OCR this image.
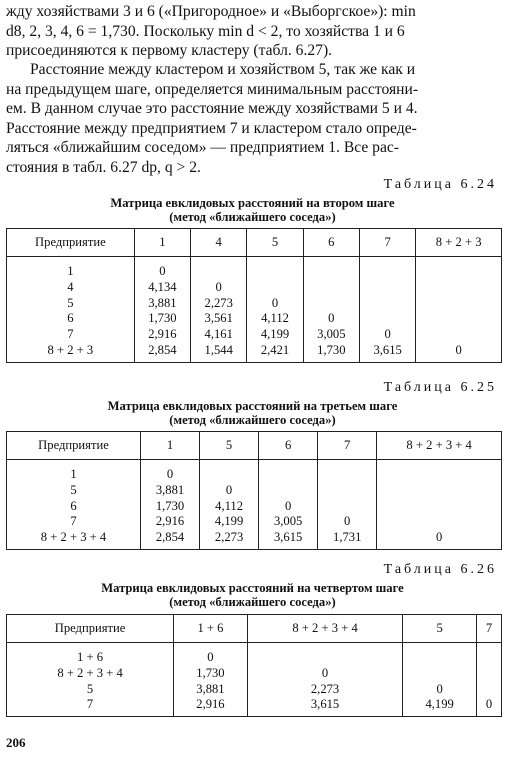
жду хозяйствами 3 и 6 («Пригородное» и «Выборгское»): min

d8, 2, 3, 4, 6 = 1,730. Поскольку min d < 2, то хозяйства 1 и 6

присоединяются к первому кластеру (табл. 6.27).

Расстояние между кластером и хозяйством 5, так же как и

на предыдущем шаге, определяется минимальным расстояни-

ем. В данном случае это расстояние между хозяйствами 5 и 4.

Расстояние между предприятием 7 и кластером стало опреде-

ляться «ближайшим соседом» — предприятием 1. Все рас-

стояния в табл. 6.27 dp, q > 2.

Таблица 6.24
Матрица евклидовых расстояний на втором шаге
(метод «ближайшего соседа»)
Предприятие	1	4	5	6	7	8 + 2 + 3
1	0					
4	4,134	0				
5	3,881	2,273	0			
6	1,730	3,561	4,112	0		
7	2,916	4,161	4,199	3,005	0	
8 + 2 + 3	2,854	1,544	2,421	1,730	3,615	0
Таблица 6.25
Матрица евклидовых расстояний на третьем шаге
(метод «ближайшего соседа»)
Предприятие	1	5	6	7	8 + 2 + 3 + 4
1	0				
5	3,881	0			
6	1,730	4,112	0		
7	2,916	4,199	3,005	0	
8 + 2 + 3 + 4	2,854	2,273	3,615	1,731	0
Таблица 6.26
Матрица евклидовых расстояний на четвертом шаге
(метод «ближайшего соседа»)
Предприятие	1 + 6	8 + 2 + 3 + 4	5	7
1 + 6	0			
8 + 2 + 3 + 4	1,730	0		
5	3,881	2,273	0	
7	2,916	3,615	4,199	0
206
